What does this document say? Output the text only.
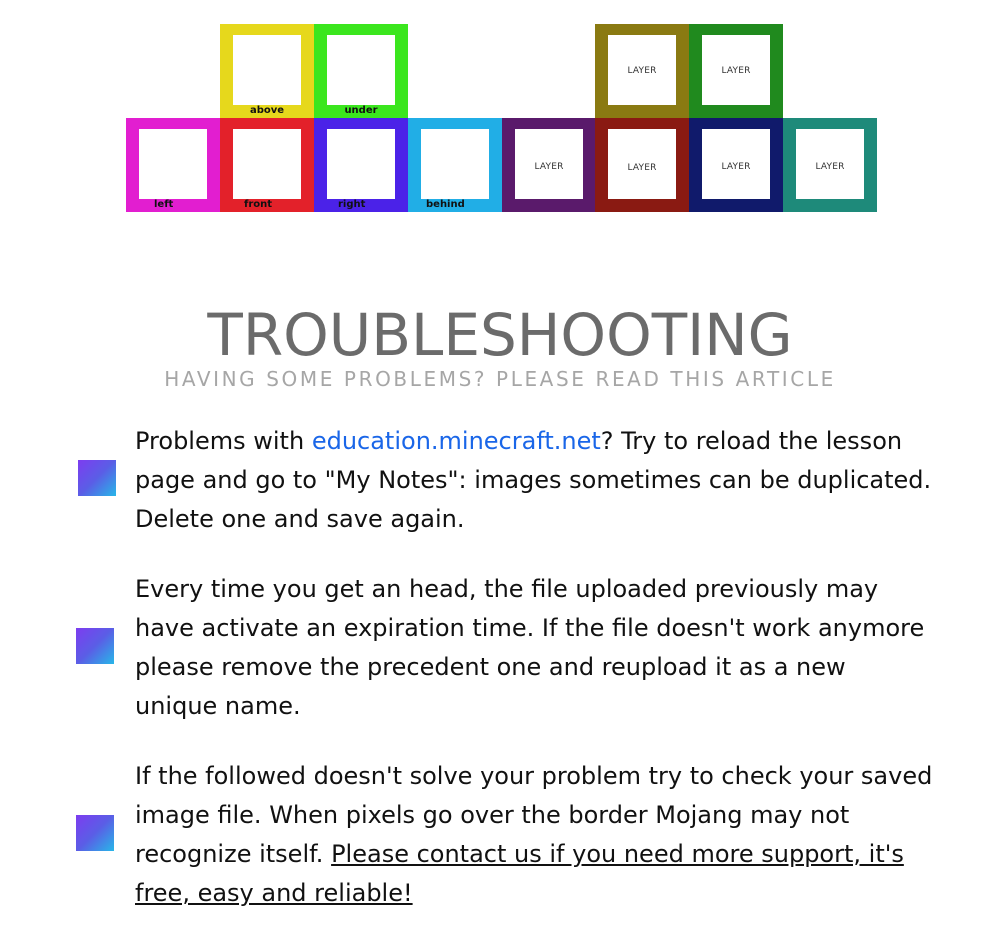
above	under
LAYER	LAYER
left	front	right	behind
LAYER	LAYER	LAYER	LAYER
TROUBLESHOOTING
HAVING SOME PROBLEMS? PLEASE READ THIS ARTICLE
Problems with education.minecraft.net? Try to reload the lesson page and go to "My Notes": images sometimes can be duplicated. Delete one and save again.
Every time you get an head, the file uploaded previously may have activate an expiration time. If the file doesn't work anymore please remove the precedent one and reupload it as a new unique name.
If the followed doesn't solve your problem try to check your saved image file. When pixels go over the border Mojang may not recognize itself. Please contact us if you need more support, it's free, easy and reliable!
